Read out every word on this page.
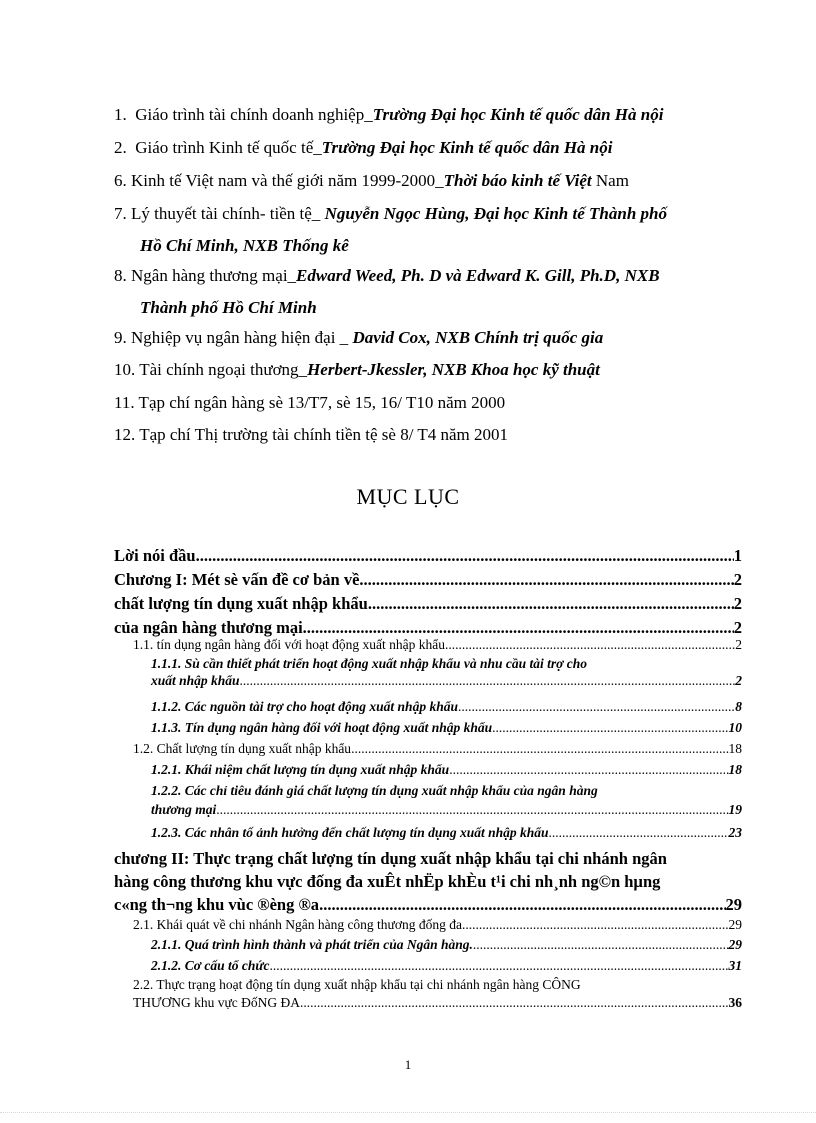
1. Giáo trình tài chính doanh nghiệp_Trường Đại học Kinh tế quốc dân Hà nội
2. Giáo trình Kinh tế quốc tế_Trường Đại học Kinh tế quốc dân Hà nội
6. Kinh tế Việt nam và thế giới năm 1999-2000_Thời báo kinh tế Việt Nam
7. Lý thuyết tài chính- tiền tệ_ Nguyễn Ngọc Hùng, Đại học Kinh tế Thành phố
Hồ Chí Minh, NXB Thống kê
8. Ngân hàng thương mại_Edward Weed, Ph. D và Edward K. Gill, Ph.D, NXB
Thành phố Hồ Chí Minh
9. Nghiệp vụ ngân hàng hiện đại _ David Cox, NXB Chính trị quốc gia
10. Tài chính ngoại thương_Herbert-Jkessler, NXB Khoa học kỹ thuật
11. Tạp chí ngân hàng sè 13/T7, sè 15, 16/ T10 năm 2000
12. Tạp chí Thị trường tài chính tiền tệ sè 8/ T4 năm 2001
MỤC LỤC
Lời nói đầu .....	1
Chương I: Mét sè vấn đề cơ bản về .....	2
chất lượng tín dụng xuất nhập khẩu .....	2
của ngân hàng thương mại .....	2
1.1. tín dụng ngân hàng đối với hoạt động xuất nhập khẩu .....	2
1.1.1. Sù cần thiết phát triển hoạt động xuất nhập khẩu và nhu cầu tài trợ cho
xuất nhập khẩu .....	2
1.1.2. Các nguồn tài trợ cho hoạt động xuất nhập khẩu .....	8
1.1.3. Tín dụng ngân hàng đối với hoạt động xuất nhập khẩu .....	10
1.2. Chất lượng tín dụng xuất nhập khẩu .....	18
1.2.1. Khái niệm chất lượng tín dụng xuất nhập khẩu .....	18
1.2.2. Các chỉ tiêu đánh giá chất lượng tín dụng xuất nhập khẩu của ngân hàng
thương mại .....	19
1.2.3. Các nhân tố ảnh hưởng đến chất lượng tín dụng xuất nhập khẩu .....	23
chương II: Thực trạng chất lượng tín dụng xuất nhập khẩu tại chi nhánh ngân
hàng công thương khu vực đống đa xuÊt nhËp khÈu t¹i chi nh¸nh ng©n hµng
c«ng th¬ng khu vùc ®èng ®a .....	29
2.1. Khái quát về chi nhánh Ngân hàng công thương đống đa .....	29
2.1.1. Quá trình hình thành và phát triển của Ngân hàng. .....	29
2.1.2. Cơ cấu tổ chức .....	31
2.2. Thực trạng hoạt động tín dụng xuất nhập khẩu tại chi nhánh ngân hàng CÔNG
THƯƠNG khu vực ĐốNG ĐA. .....	36
1
